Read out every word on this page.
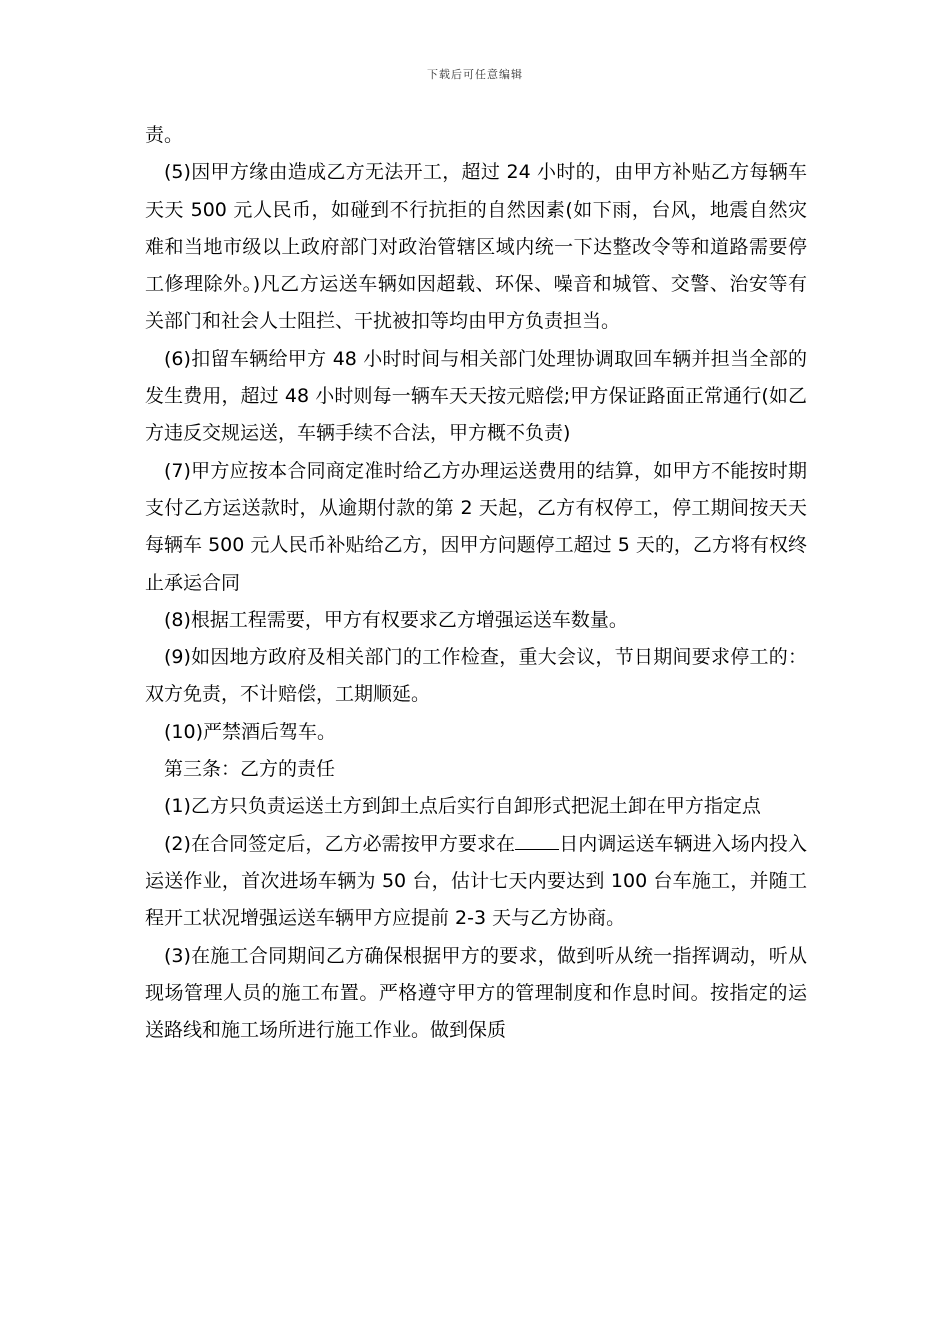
下载后可任意编辑

责。

(5)因甲方缘由造成乙方无法开工，超过 24 小时的，由甲方补贴乙方每辆车天天 500 元人民币，如碰到不行抗拒的自然因素(如下雨，台风，地震自然灾难和当地市级以上政府部门对政治管辖区域内统一下达整改令等和道路需要停工修理除外。)凡乙方运送车辆如因超载、环保、噪音和城管、交警、治安等有关部门和社会人士阻拦、干扰被扣等均由甲方负责担当。

(6)扣留车辆给甲方 48 小时时间与相关部门处理协调取回车辆并担当全部的发生费用，超过 48 小时则每一辆车天天按元赔偿;甲方保证路面正常通行(如乙方违反交规运送，车辆手续不合法，甲方概不负责)

(7)甲方应按本合同商定准时给乙方办理运送费用的结算，如甲方不能按时期支付乙方运送款时，从逾期付款的第 2 天起，乙方有权停工，停工期间按天天每辆车 500 元人民币补贴给乙方，因甲方问题停工超过 5 天的，乙方将有权终止承运合同

(8)根据工程需要，甲方有权要求乙方增强运送车数量。

(9)如因地方政府及相关部门的工作检查，重大会议，节日期间要求停工的：双方免责，不计赔偿，工期顺延。

(10)严禁酒后驾车。

第三条：乙方的责任

(1)乙方只负责运送土方到卸土点后实行自卸形式把泥土卸在甲方指定点

(2)在合同签定后，乙方必需按甲方要求在 日内调运送车辆进入场内投入运送作业，首次进场车辆为 50 台，估计七天内要达到 100 台车施工，并随工程开工状况增强运送车辆甲方应提前 2-3 天与乙方协商。

(3)在施工合同期间乙方确保根据甲方的要求，做到听从统一指挥调动，听从现场管理人员的施工布置。严格遵守甲方的管理制度和作息时间。按指定的运送路线和施工场所进行施工作业。做到保质
